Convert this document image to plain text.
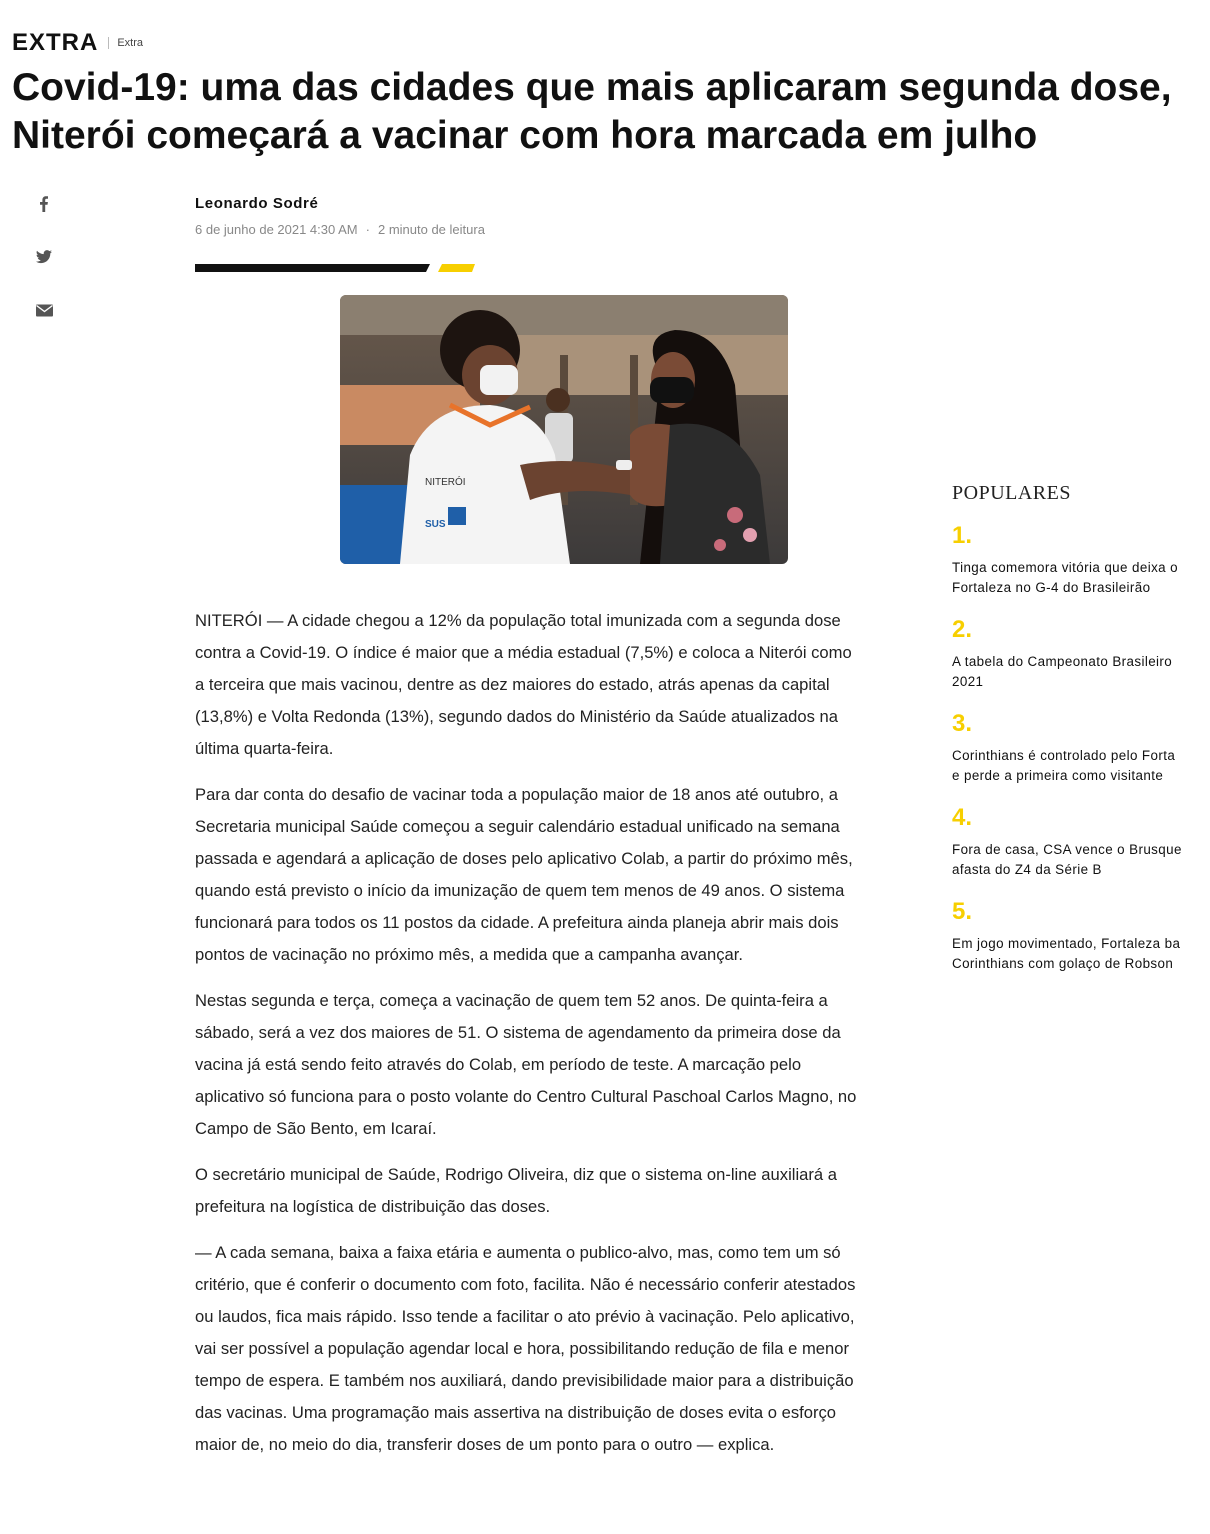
EXTRA Extra
Covid-19: uma das cidades que mais aplicaram segunda dose, Niterói começará a vacinar com hora marcada em julho
Leonardo Sodré
6 de junho de 2021 4:30 AM · 2 minuto de leitura
NITERÓI
SUS

NITERÓI — A cidade chegou a 12% da população total imunizada com a segunda dose contra a Covid-19. O índice é maior que a média estadual (7,5%) e coloca a Niterói como a terceira que mais vacinou, dentre as dez maiores do estado, atrás apenas da capital (13,8%) e Volta Redonda (13%), segundo dados do Ministério da Saúde atualizados na última quarta-feira.

Para dar conta do desafio de vacinar toda a população maior de 18 anos até outubro, a Secretaria municipal Saúde começou a seguir calendário estadual unificado na semana passada e agendará a aplicação de doses pelo aplicativo Colab, a partir do próximo mês, quando está previsto o início da imunização de quem tem menos de 49 anos. O sistema funcionará para todos os 11 postos da cidade. A prefeitura ainda planeja abrir mais dois pontos de vacinação no próximo mês, a medida que a campanha avançar.

Nestas segunda e terça, começa a vacinação de quem tem 52 anos. De quinta-feira a sábado, será a vez dos maiores de 51. O sistema de agendamento da primeira dose da vacina já está sendo feito através do Colab, em período de teste. A marcação pelo aplicativo só funciona para o posto volante do Centro Cultural Paschoal Carlos Magno, no Campo de São Bento, em Icaraí.

O secretário municipal de Saúde, Rodrigo Oliveira, diz que o sistema on-line auxiliará a prefeitura na logística de distribuição das doses.

— A cada semana, baixa a faixa etária e aumenta o publico-alvo, mas, como tem um só critério, que é conferir o documento com foto, facilita. Não é necessário conferir atestados ou laudos, fica mais rápido. Isso tende a facilitar o ato prévio à vacinação. Pelo aplicativo, vai ser possível a população agendar local e hora, possibilitando redução de fila e menor tempo de espera. E também nos auxiliará, dando previsibilidade maior para a distribuição das vacinas. Uma programação mais assertiva na distribuição de doses evita o esforço maior de, no meio do dia, transferir doses de um ponto para o outro — explica.

POPULARES
1.
Tinga comemora vitória que deixa o
Fortaleza no G-4 do Brasileirão
2.
A tabela do Campeonato Brasileiro
2021
3.
Corinthians é controlado pelo Forta
e perde a primeira como visitante
4.
Fora de casa, CSA vence o Brusque
afasta do Z4 da Série B
5.
Em jogo movimentado, Fortaleza ba
Corinthians com golaço de Robson
